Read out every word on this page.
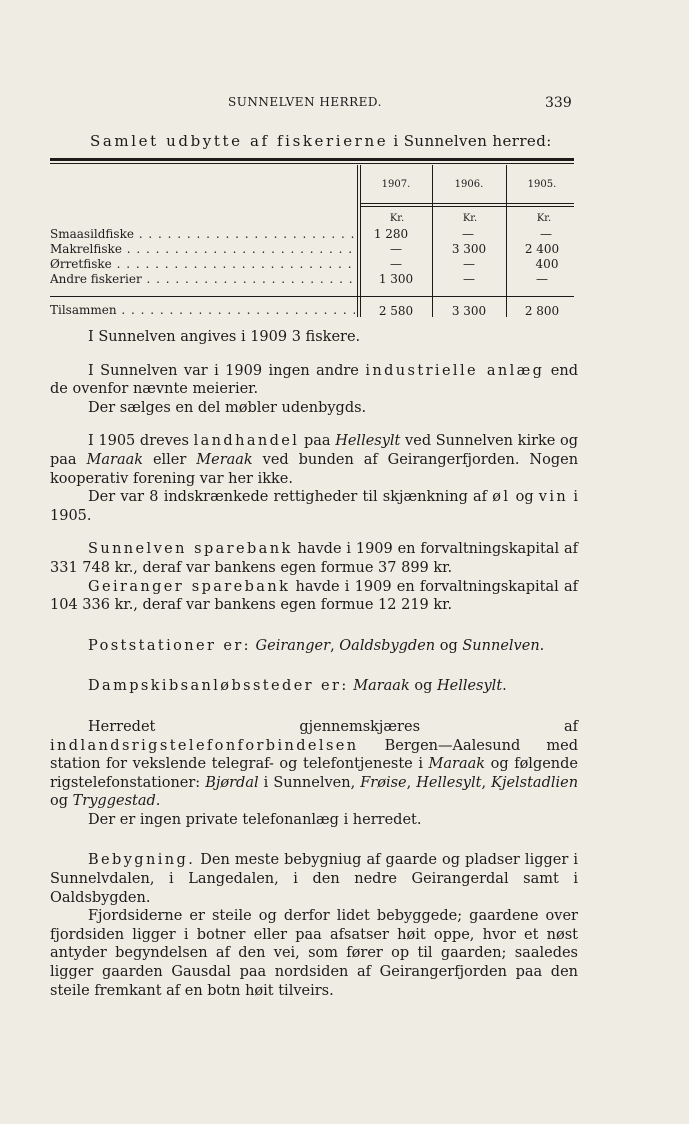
SUNNELVEN HERRED.	339
Samlet udbytte af fiskerierne i Sunnelven herred:
1907.	1906.	1905.
Kr.	Kr.	Kr.
Smaasildfiske . . .	1 280	—	—
Makrelfiske . . .	—	3 300	2 400
Ørretfiske . . .	—	—	400
Andre fiskerier . . .	1 300	—	—
Tilsammen . . .	2 580	3 300	2 800

I Sunnelven angives i 1909 3 fiskere.

I Sunnelven var i 1909 ingen andre industrielle anlæg end de ovenfor nævnte meierier.

Der sælges en del møbler udenbygds.

I 1905 dreves landhandel paa Hellesylt ved Sunnelven kirke og paa Maraak eller Meraak ved bunden af Geirangerfjorden. Nogen kooperativ forening var her ikke.

Der var 8 indskrænkede rettigheder til skjænkning af øl og vin i 1905.

Sunnelven sparebank havde i 1909 en forvaltningskapital af 331 748 kr., deraf var bankens egen formue 37 899 kr.

Geiranger sparebank havde i 1909 en forvaltningskapital af 104 336 kr., deraf var bankens egen formue 12 219 kr.

Poststationer er: Geiranger, Oaldsbygden og Sunnelven.

Dampskibsanløbssteder er: Maraak og Hellesylt.

Herredet gjennemskjæres af indlandsrigstelefonforbindelsen Bergen—Aalesund med station for vekslende telegraf- og telefontjeneste i Maraak og følgende rigstelefonstationer: Bjørdal i Sunnelven, Frøise, Hellesylt, Kjelstadlien og Tryggestad.

Der er ingen private telefonanlæg i herredet.

Bebygning. Den meste bebygniug af gaarde og pladser ligger i Sunnelvdalen, i Langedalen, i den nedre Geirangerdal samt i Oaldsbygden.

Fjordsiderne er steile og derfor lidet bebyggede; gaardene over fjordsiden ligger i botner eller paa afsatser høit oppe, hvor et nøst antyder begyndelsen af den vei, som fører op til gaarden; saaledes ligger gaarden Gausdal paa nordsiden af Geirangerfjorden paa den steile fremkant af en botn høit tilveirs.
